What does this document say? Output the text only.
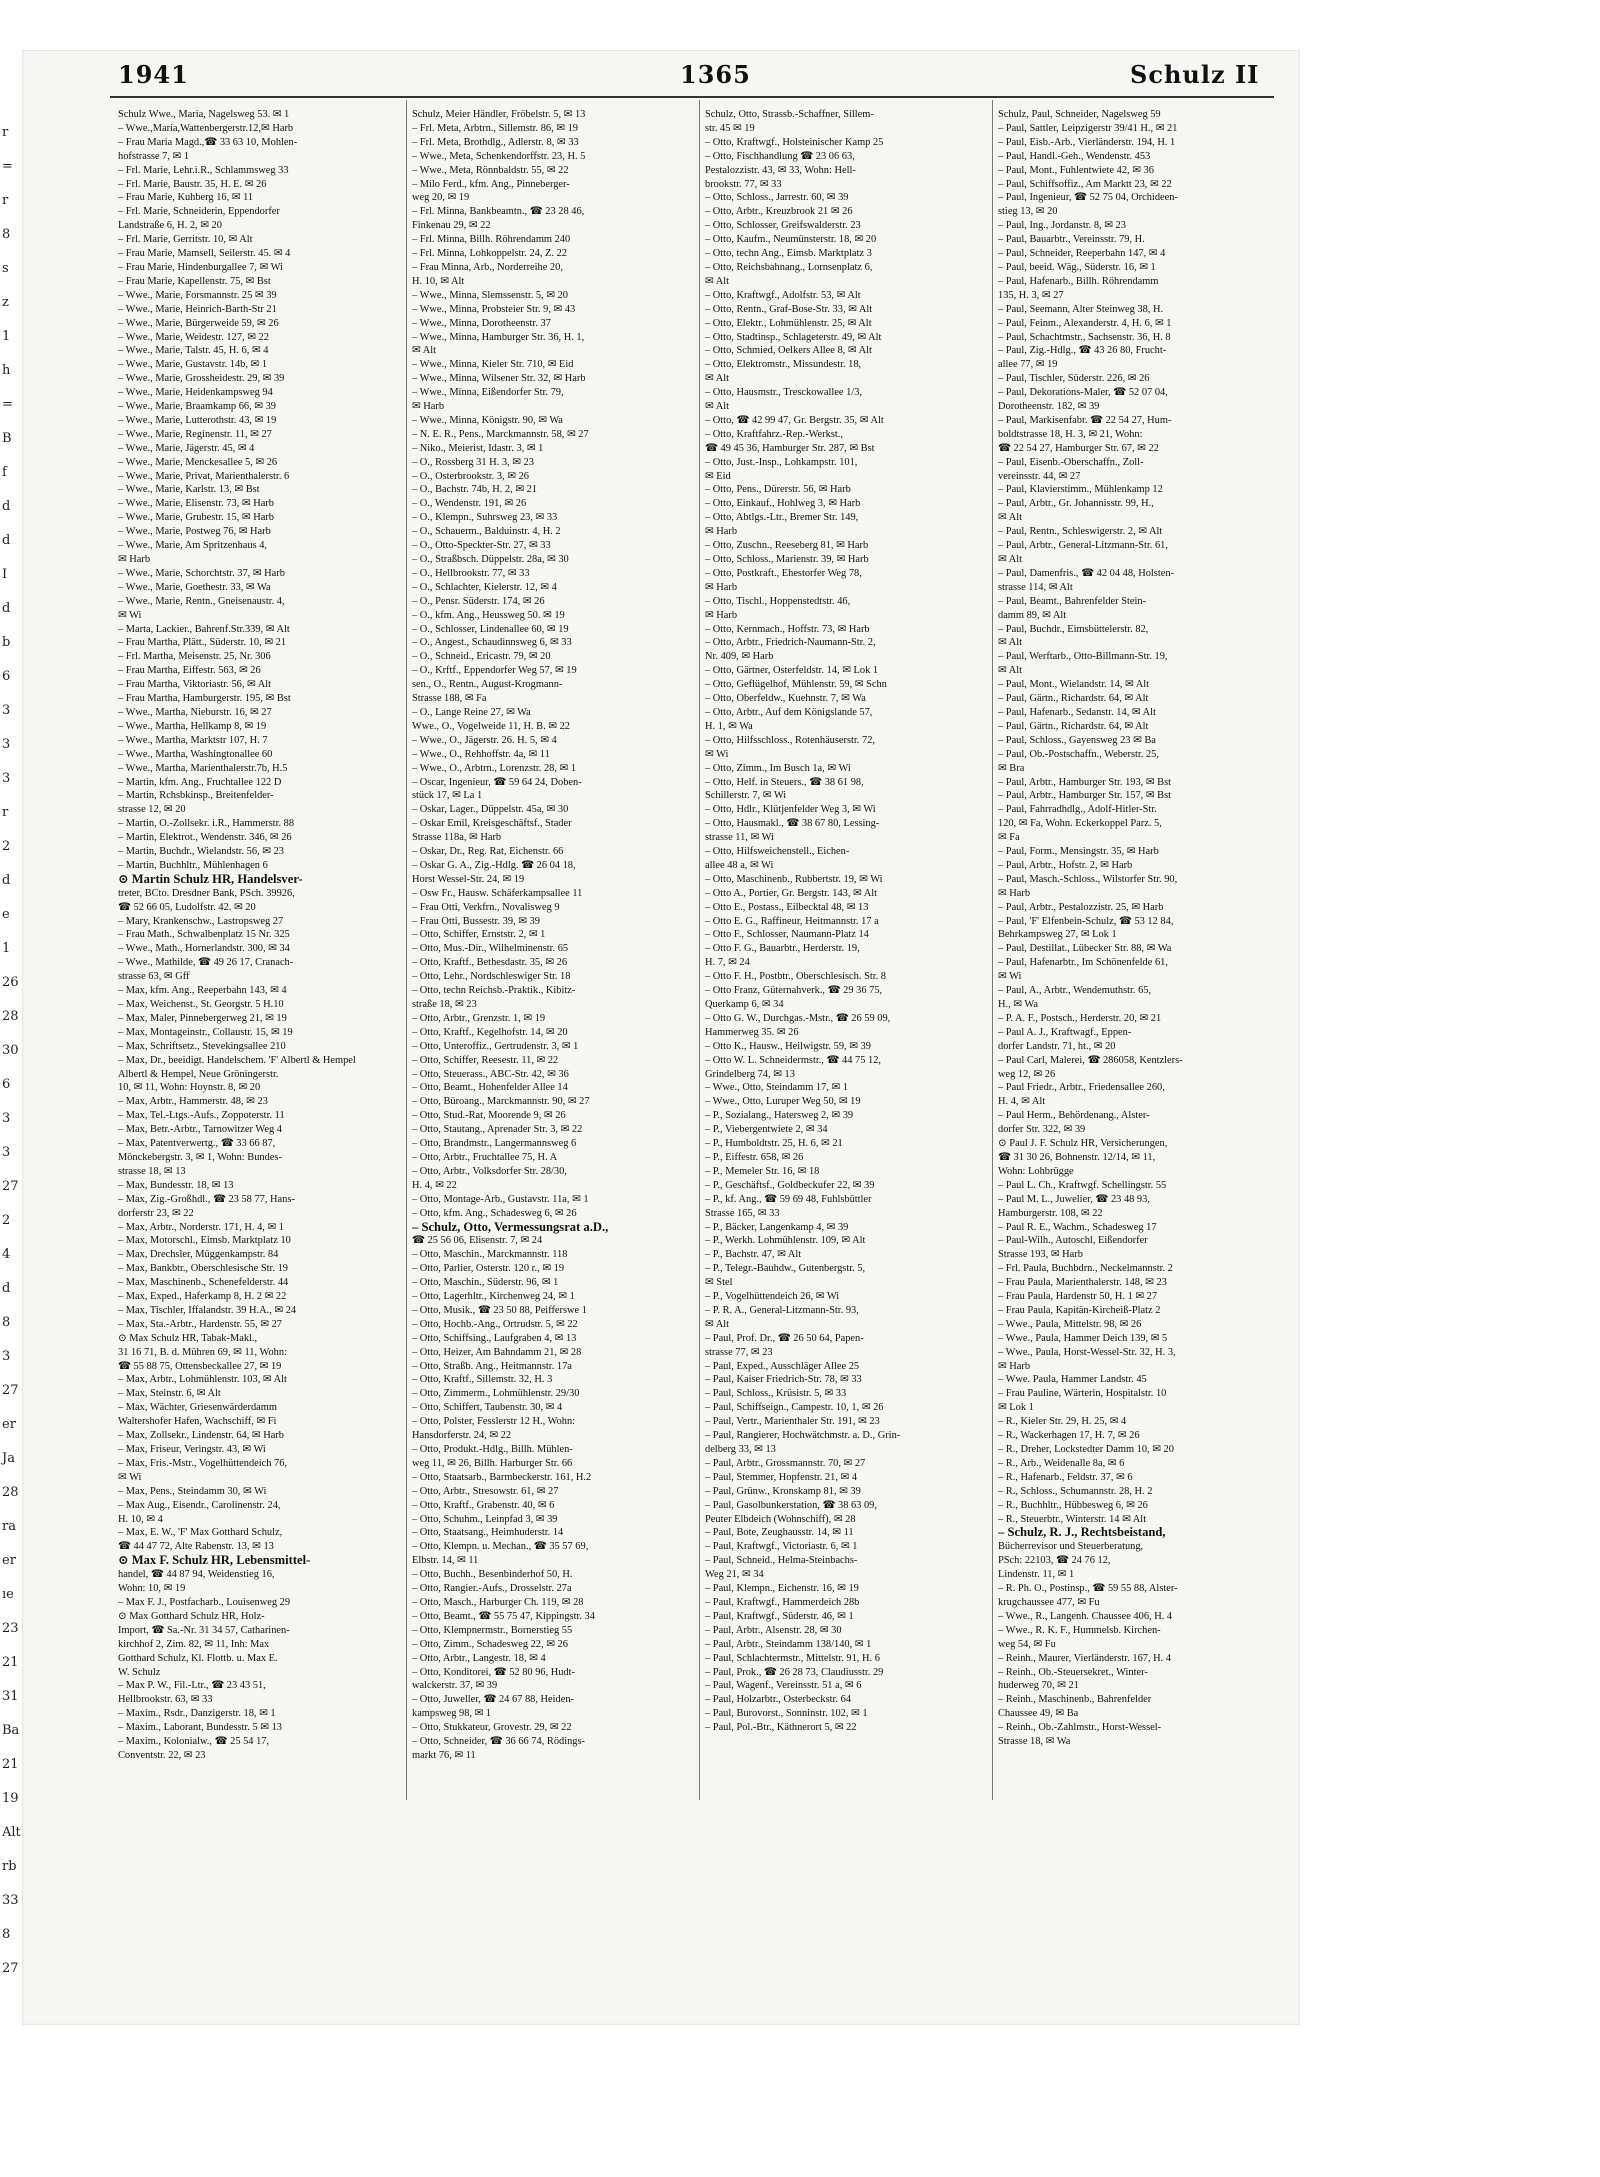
r
=
r
8
s
z
1
h
=
B
f
d
d
I
d
b
6
3
3
3
r
2
d
e
1
26
28
30
6
3
3
27
2
4
d
8
3
27
er
Ja
28
ra
er
ıe
23
21
31
Ba
21
19
Alt
rb
33
8
27
1941	1365	Schulz II
Schulz Wwe., Maria, Nagelsweg 53. ✉ 1
– Wwe.,Maria,Wattenbergerstr.12,✉ Harb
– Frau Maria Magd.,☎ 33 63 10, Mohlen-
hofstrasse 7, ✉ 1
– Frl. Marie, Lehr.i.R., Schlammsweg 33
– Frl. Marie, Baustr. 35, H. E. ✉ 26
– Frau Marie, Kuhberg 16, ✉ 11
– Frl. Marie, Schneiderin, Eppendorfer
Landstraße 6, H. 2, ✉ 20
– Frl. Marie, Gerritstr. 10, ✉ Alt
– Frau Marie, Mamsell, Seilerstr. 45. ✉ 4
– Frau Marie, Hindenburgallee 7, ✉ Wi
– Frau Marie, Kapellenstr. 75, ✉ Bst
– Wwe., Marie, Forsmannstr. 25 ✉ 39
– Wwe., Marie, Heinrich-Barth-Str 21
– Wwe., Marie, Bürgerweide 59, ✉ 26
– Wwe., Marie, Weidestr. 127, ✉ 22
– Wwe., Marie, Talstr. 45, H. 6, ✉ 4
– Wwe., Marie, Gustavstr. 14b, ✉ 1
– Wwe., Marie, Grossheidestr. 29, ✉ 39
– Wwe., Marie, Heidenkampsweg 94
– Wwe., Marie, Braamkamp 66, ✉ 39
– Wwe., Marie, Lutterothstr. 43, ✉ 19
– Wwe., Marie, Reginenstr. 11, ✉ 27
– Wwe., Marie, Jägerstr. 45, ✉ 4
– Wwe., Marie, Menckesallee 5, ✉ 26
– Wwe., Marie, Privat, Marienthalerstr. 6
– Wwe., Marie, Karlstr. 13, ✉ Bst
– Wwe., Marie, Elisenstr. 73, ✉ Harb
– Wwe., Marie, Grubestr. 15, ✉ Harb
– Wwe., Marie, Postweg 76, ✉ Harb
– Wwe., Marie, Am Spritzenhaus 4,
✉ Harb
– Wwe., Marie, Schorchtstr. 37, ✉ Harb
– Wwe., Marie, Goethestr. 33, ✉ Wa
– Wwe., Marie, Rentn., Gneisenaustr. 4,
✉ Wi
– Marta, Lackier., Bahrenf.Str.339, ✉ Alt
– Frau Martha, Plätt., Süderstr. 10, ✉ 21
– Frl. Martha, Meisenstr. 25, Nr. 306
– Frau Martha, Eiffestr. 563, ✉ 26
– Frau Martha, Viktoriastr. 56, ✉ Alt
– Frau Martha, Hamburgerstr. 195, ✉ Bst
– Wwe., Martha, Nieburstr. 16, ✉ 27
– Wwe., Martha, Hellkamp 8, ✉ 19
– Wwe., Martha, Marktstr 107, H. 7
– Wwe., Martha, Washingtonallee 60
– Wwe., Martha, Marienthalerstr.7b, H.5
– Martin, kfm. Ang., Fruchtallee 122 D
– Martin, Rchsbkinsp., Breitenfelder-
strasse 12, ✉ 20
– Martin, O.-Zollsekr. i.R., Hammerstr. 88
– Martin, Elektrot., Wendenstr. 346, ✉ 26
– Martin, Buchdr., Wielandstr. 56, ✉ 23
– Martin, Buchhltr., Mühlenhagen 6
⊙ Martin Schulz HR, Handelsver-
treter, BCto. Dresdner Bank, PSch. 39926,
☎ 52 66 05, Ludolfstr. 42. ✉ 20
– Mary, Krankenschw., Lastropsweg 27
– Frau Math., Schwalbenplatz 15 Nr. 325
– Wwe., Math., Hornerlandstr. 300, ✉ 34
– Wwe., Mathilde, ☎ 49 26 17, Cranach-
strasse 63, ✉ Gff
– Max, kfm. Ang., Reeperbahn 143, ✉ 4
– Max, Weichenst., St. Georgstr. 5 H.10
– Max, Maler, Pinnebergerweg 21, ✉ 19
– Max, Montageinstr., Collaustr. 15, ✉ 19
– Max, Schriftsetz., Stevekingsallee 210
– Max, Dr., beeidigt. Handelschem. 'F' Albertl & Hempel
Albertl & Hempel, Neue Gröningerstr.
10, ✉ 11, Wohn: Hoynstr. 8, ✉ 20
– Max, Arbtr., Hammerstr. 48, ✉ 23
– Max, Tel.-Ltgs.-Aufs., Zoppoterstr. 11
– Max, Betr.-Arbtr., Tarnowitzer Weg 4
– Max, Patentverwertg., ☎ 33 66 87,
Mönckebergstr. 3, ✉ 1, Wohn: Bundes-
strasse 18, ✉ 13
– Max, Bundesstr. 18, ✉ 13
– Max, Zig.-Großhdl., ☎ 23 58 77, Hans-
dorferstr 23, ✉ 22
– Max, Arbtr., Norderstr. 171, H. 4, ✉ 1
– Max, Motorschl., Eimsb. Marktplatz 10
– Max, Drechsler, Müggenkampstr. 84
– Max, Bankbtr., Oberschlesische Str. 19
– Max, Maschinenb., Schenefelderstr. 44
– Max, Exped., Haferkamp 8, H. 2 ✉ 22
– Max, Tischler, Iffalandstr. 39 H.A., ✉ 24
– Max, Sta.-Arbtr., Hardenstr. 55, ✉ 27
⊙ Max Schulz HR, Tabak-Makl.,
31 16 71, B. d. Mühren 69, ✉ 11, Wohn:
☎ 55 88 75, Ottensbeckallee 27, ✉ 19
– Max, Arbtr., Lohmühlenstr. 103, ✉ Alt
– Max, Steinstr. 6, ✉ Alt
– Max, Wächter, Griesenwärderdamm
Waltershofer Hafen, Wachschiff, ✉ Fi
– Max, Zollsekr., Lindenstr. 64, ✉ Harb
– Max, Friseur, Veringstr. 43, ✉ Wi
– Max, Fris.-Mstr., Vogelhüttendeich 76,
✉ Wi
– Max, Pens., Steindamm 30, ✉ Wi
– Max Aug., Eisendr., Carolinenstr. 24,
H. 10, ✉ 4
– Max, E. W., 'F' Max Gotthard Schulz,
☎ 44 47 72, Alte Rabenstr. 13, ✉ 13
⊙ Max F. Schulz HR, Lebensmittel-
handel, ☎ 44 87 94, Weidenstieg 16,
Wohn: 10, ✉ 19
– Max F. J., Postfacharb., Louisenweg 29
⊙ Max Gotthard Schulz HR, Holz-
Import, ☎ Sa.-Nr. 31 34 57, Catharinen-
kirchhof 2, Zim. 82, ✉ 11, Inh: Max
Gotthard Schulz, Kl. Flottb. u. Max E.
W. Schulz
– Max P. W., Fil.-Ltr., ☎ 23 43 51,
Hellbrookstr. 63, ✉ 33
– Maxim., Rsdr., Danzigerstr. 18, ✉ 1
– Maxim., Laborant, Bundesstr. 5 ✉ 13
– Maxim., Kolonialw., ☎ 25 54 17,
Conventstr. 22, ✉ 23
Schulz, Meier Händler, Fröbelstr. 5, ✉ 13
– Frl. Meta, Arbtrn., Sillemstr. 86, ✉ 19
– Frl. Meta, Brothdlg., Adlerstr. 8, ✉ 33
– Wwe., Meta, Schenkendorffstr. 23, H. 5
– Wwe., Meta, Rönnbaldstr. 55, ✉ 22
– Milo Ferd., kfm. Ang., Pinneberger-
weg 20, ✉ 19
– Frl. Minna, Bankbeamtn., ☎ 23 28 46,
Finkenau 29, ✉ 22
– Frl. Minna, Billh. Röhrendamm 240
– Frl. Minna, Lohkoppelstr. 24, Z. 22
– Frau Minna, Arb., Norderreihe 20,
H. 10, ✉ Alt
– Wwe., Minna, Slemssenstr. 5, ✉ 20
– Wwe., Minna, Probsteier Str. 9, ✉ 43
– Wwe., Minna, Dorotheenstr. 37
– Wwe., Minna, Hamburger Str. 36, H. 1,
✉ Alt
– Wwe., Minna, Kieler Str. 710, ✉ Eid
– Wwe., Minna, Wilsener Str. 32, ✉ Harb
– Wwe., Minna, Eißendorfer Str. 79,
✉ Harb
– Wwe., Minna, Königstr. 90, ✉ Wa
– N. E. R., Pens., Marckmannstr. 58, ✉ 27
– Niko., Meierist, Idastr. 3, ✉ 1
– O., Rossberg 31 H. 3, ✉ 23
– O., Osterbrookstr. 3, ✉ 26
– O., Bachstr. 74b, H. 2, ✉ 21
– O., Wendenstr. 191, ✉ 26
– O., Klempn., Suhrsweg 23, ✉ 33
– O., Schauerm., Balduinstr. 4, H. 2
– O., Otto-Speckter-Str. 27, ✉ 33
– O., Straßbsch. Düppelstr. 28a, ✉ 30
– O., Hellbrookstr. 77, ✉ 33
– O., Schlachter, Kielerstr. 12, ✉ 4
– O., Pensr. Süderstr. 174, ✉ 26
– O., kfm. Ang., Heussweg 50. ✉ 19
– O., Schlosser, Lindenallee 60, ✉ 19
– O., Angest., Schaudinnsweg 6, ✉ 33
– O., Schneid., Ericastr. 79, ✉ 20
– O., Krftf., Eppendorfer Weg 57, ✉ 19
sen., O., Rentn., August-Krogmann-
Strasse 188, ✉ Fa
– O., Lange Reine 27, ✉ Wa
Wwe., O., Vogelweide 11, H. B. ✉ 22
– Wwe., O., Jägerstr. 26. H. 5, ✉ 4
– Wwe., O., Rehhoffstr. 4a, ✉ 11
– Wwe., O., Arbtrn., Lorenzstr. 28, ✉ 1
– Oscar, Ingenieur, ☎ 59 64 24, Doben-
stück 17, ✉ La 1
– Oskar, Lager., Düppelstr. 45a, ✉ 30
– Oskar Emil, Kreisgeschäftsf., Stader
Strasse 118a, ✉ Harb
– Oskar, Dr., Reg. Rat, Eichenstr. 66
– Oskar G. A., Zig.-Hdlg. ☎ 26 04 18,
Horst Wessel-Str. 24, ✉ 19
– Osw Fr., Hausw. Schäferkampsallee 11
– Frau Otti, Verkfrn., Novalisweg 9
– Frau Otti, Bussestr. 39, ✉ 39
– Otto, Schiffer, Ernststr. 2, ✉ 1
– Otto, Mus.-Dir., Wilhelminenstr. 65
– Otto, Kraftf., Bethesdastr. 35, ✉ 26
– Otto, Lehr., Nordschleswiger Str. 18
– Otto, techn Reichsb.-Praktik., Kibitz-
straße 18, ✉ 23
– Otto, Arbtr., Grenzstr. 1, ✉ 19
– Otto, Kraftf., Kegelhofstr. 14, ✉ 20
– Otto, Unteroffiz., Gertrudenstr. 3, ✉ 1
– Otto, Schiffer, Reesestr. 11, ✉ 22
– Otto, Steuerass., ABC-Str. 42, ✉ 36
– Otto, Beamt., Hohenfelder Allee 14
– Otto, Büroang., Marckmannstr. 90, ✉ 27
– Otto, Stud.-Rat, Moorende 9, ✉ 26
– Otto, Stautang., Aprenader Str. 3, ✉ 22
– Otto, Brandmstr., Langermannsweg 6
– Otto, Arbtr., Fruchtallee 75, H. A
– Otto, Arbtr., Volksdorfer Str. 28/30,
H. 4, ✉ 22
– Otto, Montage-Arb., Gustavstr. 11a, ✉ 1
– Otto, kfm. Ang., Schadesweg 6, ✉ 26
– Schulz, Otto, Vermessungsrat a.D.,
☎ 25 56 06, Elisenstr. 7, ✉ 24
– Otto, Maschin., Marckmannstr. 118
– Otto, Parlier, Osterstr. 120 r., ✉ 19
– Otto, Maschin., Süderstr. 96, ✉ 1
– Otto, Lagerhltr., Kirchenweg 24, ✉ 1
– Otto, Musik., ☎ 23 50 88, Peifferswe 1
– Otto, Hochb.-Ang., Ortrudstr. 5, ✉ 22
– Otto, Schiffsing., Laufgraben 4, ✉ 13
– Otto, Heizer, Am Bahndamm 21, ✉ 28
– Otto, Straßb. Ang., Heitmannstr. 17a
– Otto, Kraftf., Sillemstr. 32, H. 3
– Otto, Zimmerm., Lohmühlenstr. 29/30
– Otto, Schiffert, Taubenstr. 30, ✉ 4
– Otto, Polster, Fesslerstr 12 H., Wohn:
Hansdorferstr. 24, ✉ 22
– Otto, Produkt.-Hdlg., Billh. Mühlen-
weg 11, ✉ 26, Billh. Harburger Str. 66
– Otto, Staatsarb., Barmbeckerstr. 161, H.2
– Otto, Arbtr., Stresowstr. 61, ✉ 27
– Otto, Kraftf., Grabenstr. 40, ✉ 6
– Otto, Schuhm., Leinpfad 3, ✉ 39
– Otto, Staatsang., Heimhuderstr. 14
– Otto, Klempn. u. Mechan., ☎ 35 57 69,
Elbstr. 14, ✉ 11
– Otto, Buchh., Besenbinderhof 50, H.
– Otto, Rangier.-Aufs., Drosselstr. 27a
– Otto, Masch., Harburger Ch. 119, ✉ 28
– Otto, Beamt., ☎ 55 75 47, Kippingstr. 34
– Otto, Klempnermstr., Bornerstieg 55
– Otto, Zimm., Schadesweg 22, ✉ 26
– Otto, Arbtr., Langestr. 18, ✉ 4
– Otto, Konditorei, ☎ 52 80 96, Hudt-
walckerstr. 37, ✉ 39
– Otto, Juweller, ☎ 24 67 88, Heiden-
kampsweg 98, ✉ 1
– Otto, Stukkateur, Grovestr. 29, ✉ 22
– Otto, Schneider, ☎ 36 66 74, Rödings-
markt 76, ✉ 11
Schulz, Otto, Strassb.-Schaffner, Sillem-
str. 45 ✉ 19
– Otto, Kraftwgf., Holsteinischer Kamp 25
– Otto, Fischhandlung ☎ 23 06 63,
Pestalozzistr. 43, ✉ 33, Wohn: Hell-
brookstr. 77, ✉ 33
– Otto, Schloss., Jarrestr. 60, ✉ 39
– Otto, Arbtr., Kreuzbrook 21 ✉ 26
– Otto, Schlosser, Greifswalderstr. 23
– Otto, Kaufm., Neumünsterstr. 18, ✉ 20
– Otto, techn Ang., Eimsb. Marktplatz 3
– Otto, Reichsbahnang., Lornsenplatz 6,
✉ Alt
– Otto, Kraftwgf., Adolfstr. 53, ✉ Alt
– Otto, Rentn., Graf-Bose-Str. 33, ✉ Alt
– Otto, Elektr., Lohmühlenstr. 25, ✉ Alt
– Otto, Stadtinsp., Schlageterstr. 49, ✉ Alt
– Otto, Schmied, Oelkers Allee 8, ✉ Alt
– Otto, Elektromstr., Missundestr. 18,
✉ Alt
– Otto, Hausmstr., Tresckowallee 1/3,
✉ Alt
– Otto, ☎ 42 99 47, Gr. Bergstr. 35, ✉ Alt
– Otto, Kraftfahrz.-Rep.-Werkst.,
☎ 49 45 36, Hamburger Str. 287, ✉ Bst
– Otto, Just.-Insp., Lohkampstr. 101,
✉ Eid
– Otto, Pens., Dürerstr. 56, ✉ Harb
– Otto, Einkauf., Hohlweg 3, ✉ Harb
– Otto, Abtlgs.-Ltr., Bremer Str. 149,
✉ Harb
– Otto, Zuschn., Reeseberg 81, ✉ Harb
– Otto, Schloss., Marienstr. 39, ✉ Harb
– Otto, Postkraft., Ehestorfer Weg 78,
✉ Harb
– Otto, Tischl., Hoppenstedtstr. 46,
✉ Harb
– Otto, Kernmach., Hoffstr. 73, ✉ Harb
– Otto, Arbtr., Friedrich-Naumann-Str. 2,
Nr. 409, ✉ Harb
– Otto, Gärtner, Osterfeldstr. 14, ✉ Lok 1
– Otto, Geflügelhof, Mühlenstr. 59, ✉ Schn
– Otto, Oberfeldw., Kuehnstr. 7, ✉ Wa
– Otto, Arbtr., Auf dem Königslande 57,
H. 1, ✉ Wa
– Otto, Hilfsschloss., Rotenhäuserstr. 72,
✉ Wi
– Otto, Zimm., Im Busch 1a, ✉ Wi
– Otto, Helf. in Steuers., ☎ 38 61 98,
Schillerstr. 7, ✉ Wi
– Otto, Hdlr., Klütjenfelder Weg 3, ✉ Wi
– Otto, Hausmakl., ☎ 38 67 80, Lessing-
strasse 11, ✉ Wi
– Otto, Hilfsweichenstell., Eichen-
allee 48 a, ✉ Wi
– Otto, Maschinenb., Rubbertstr. 19, ✉ Wi
– Otto A., Portier, Gr. Bergstr. 143, ✉ Alt
– Otto E., Postass., Eilbecktal 48, ✉ 13
– Otto E. G., Raffineur, Heitmannstr. 17 a
– Otto F., Schlosser, Naumann-Platz 14
– Otto F. G., Bauarbtr., Herderstr. 19,
H. 7, ✉ 24
– Otto F. H., Postbtr., Oberschlesisch. Str. 8
– Otto Franz, Güternahverk., ☎ 29 36 75,
Querkamp 6, ✉ 34
– Otto G. W., Durchgas.-Mstr., ☎ 26 59 09,
Hammerweg 35. ✉ 26
– Otto K., Hausw., Heilwigstr. 59, ✉ 39
– Otto W. L. Schneidermstr., ☎ 44 75 12,
Grindelberg 74, ✉ 13
– Wwe., Otto, Steindamm 17, ✉ 1
– Wwe., Otto, Luruper Weg 50, ✉ 19
– P., Sozialang., Hatersweg 2, ✉ 39
– P., Viebergentwiete 2, ✉ 34
– P., Humboldtstr. 25, H. 6, ✉ 21
– P., Eiffestr. 658, ✉ 26
– P., Memeler Str. 16, ✉ 18
– P., Geschäftsf., Goldbeckufer 22, ✉ 39
– P., kf. Ang., ☎ 59 69 48, Fuhlsbüttler
Strasse 165, ✉ 33
– P., Bäcker, Langenkamp 4, ✉ 39
– P., Werkh. Lohmühlenstr. 109, ✉ Alt
– P., Bachstr. 47, ✉ Alt
– P., Telegr.-Bauhdw., Gutenbergstr. 5,
✉ Stel
– P., Vogelhüttendeich 26, ✉ Wi
– P. R. A., General-Litzmann-Str. 93,
✉ Alt
– Paul, Prof. Dr., ☎ 26 50 64, Papen-
strasse 77, ✉ 23
– Paul, Exped., Ausschläger Allee 25
– Paul, Kaiser Friedrich-Str. 78, ✉ 33
– Paul, Schloss., Krüsistr. 5, ✉ 33
– Paul, Schiffseign., Campestr. 10, 1, ✉ 26
– Paul, Vertr., Marienthaler Str. 191, ✉ 23
– Paul, Rangierer, Hochwätchmstr. a. D., Grin-
delberg 33, ✉ 13
– Paul, Arbtr., Grossmannstr. 70, ✉ 27
– Paul, Stemmer, Hopfenstr. 21, ✉ 4
– Paul, Grünw., Kronskamp 81, ✉ 39
– Paul, Gasolbunkerstation, ☎ 38 63 09,
Peuter Elbdeich (Wohnschiff), ✉ 28
– Paul, Bote, Zeughausstr. 14, ✉ 11
– Paul, Kraftwgf., Victoriastr. 6, ✉ 1
– Paul, Schneid., Helma-Steinbachs-
Weg 21, ✉ 34
– Paul, Klempn., Eichenstr. 16, ✉ 19
– Paul, Kraftwgf., Hammerdeich 28b
– Paul, Kraftwgf., Süderstr. 46, ✉ 1
– Paul, Arbtr., Alsenstr. 28, ✉ 30
– Paul, Arbtr., Steindamm 138/140, ✉ 1
– Paul, Schlachtermstr., Mittelstr. 91, H. 6
– Paul, Prok., ☎ 26 28 73, Claudiusstr. 29
– Paul, Wagenf., Vereinsstr. 51 a, ✉ 6
– Paul, Holzarbtr., Osterbeckstr. 64
– Paul, Burovorst., Sonninstr. 102, ✉ 1
– Paul, Pol.-Btr., Käthnerort 5, ✉ 22
Schulz, Paul, Schneider, Nagelsweg 59
– Paul, Sattler, Leipzigerstr 39/41 H., ✉ 21
– Paul, Eisb.-Arb., Vierländerstr. 194, H. 1
– Paul, Handl.-Geh., Wendenstr. 453
– Paul, Mont., Fuhlentwiete 42, ✉ 36
– Paul, Schiffsoffiz., Am Marktt 23, ✉ 22
– Paul, Ingenieur, ☎ 52 75 04, Orchideen-
stieg 13, ✉ 20
– Paul, Ing., Jordanstr. 8, ✉ 23
– Paul, Bauarbtr., Vereinsstr. 79, H.
– Paul, Schneider, Reeperbahn 147, ✉ 4
– Paul, beeid. Wäg., Süderstr. 16, ✉ 1
– Paul, Hafenarb., Billh. Röhrendamm
135, H. 3, ✉ 27
– Paul, Seemann, Alter Steinweg 38, H.
– Paul, Feinm., Alexanderstr. 4, H. 6, ✉ 1
– Paul, Schachtmstr., Sachsenstr. 36, H. 8
– Paul, Zig.-Hdlg., ☎ 43 26 80, Frucht-
allee 77, ✉ 19
– Paul, Tischler, Süderstr. 226, ✉ 26
– Paul, Dekorations-Maler, ☎ 52 07 04,
Dorotheenstr. 182, ✉ 39
– Paul, Markisenfabr. ☎ 22 54 27, Hum-
boldtstrasse 18, H. 3, ✉ 21, Wohn:
☎ 22 54 27, Hamburger Str. 67, ✉ 22
– Paul, Eisenb.-Oberschaffn., Zoll-
vereinsstr. 44, ✉ 27
– Paul, Klavierstimm., Mühlenkamp 12
– Paul, Arbtr., Gr. Johannisstr. 99, H.,
✉ Alt
– Paul, Rentn., Schleswigerstr. 2, ✉ Alt
– Paul, Arbtr., General-Litzmann-Str. 61,
✉ Alt
– Paul, Damenfris., ☎ 42 04 48, Holsten-
strasse 114, ✉ Alt
– Paul, Beamt., Bahrenfelder Stein-
damm 89, ✉ Alt
– Paul, Buchdr., Eimsbüttelerstr. 82,
✉ Alt
– Paul, Werftarb., Otto-Billmann-Str. 19,
✉ Alt
– Paul, Mont., Wielandstr. 14, ✉ Alt
– Paul, Gärtn., Richardstr. 64, ✉ Alt
– Paul, Hafenarb., Sedanstr. 14, ✉ Alt
– Paul, Gärtn., Richardstr. 64, ✉ Alt
– Paul, Schloss., Gayensweg 23 ✉ Ba
– Paul, Ob.-Postschaffn., Weberstr. 25,
✉ Bra
– Paul, Arbtr., Hamburger Str. 193, ✉ Bst
– Paul, Arbtr., Hamburger Str. 157, ✉ Bst
– Paul, Fahrradhdlg., Adolf-Hitler-Str.
120, ✉ Fa, Wohn. Eckerkoppel Parz. 5,
✉ Fa
– Paul, Form., Mensingstr. 35, ✉ Harb
– Paul, Arbtr., Hofstr. 2, ✉ Harb
– Paul, Masch.-Schloss., Wilstorfer Str. 90,
✉ Harb
– Paul, Arbtr., Pestalozzistr. 25, ✉ Harb
– Paul, 'F' Elfenbein-Schulz, ☎ 53 12 84,
Behrkampsweg 27, ✉ Lok 1
– Paul, Destillat., Lübecker Str. 88, ✉ Wa
– Paul, Hafenarbtr., Im Schönenfelde 61,
✉ Wi
– Paul, A., Arbtr., Wendemuthstr. 65,
H., ✉ Wa
– P. A. F., Postsch., Herderstr. 20, ✉ 21
– Paul A. J., Kraftwagf., Eppen-
dorfer Landstr. 71, ht., ✉ 20
– Paul Carl, Malerei, ☎ 286058, Kentzlers-
weg 12, ✉ 26
– Paul Friedr., Arbtr., Friedensallee 260,
H. 4, ✉ Alt
– Paul Herm., Behördenang., Alster-
dorfer Str. 322, ✉ 39
⊙ Paul J. F. Schulz HR, Versicherungen,
☎ 31 30 26, Bohnenstr. 12/14, ✉ 11,
Wohn: Lohbrügge
– Paul L. Ch., Kraftwgf. Schellingstr. 55
– Paul M. L., Juwelier, ☎ 23 48 93,
Hamburgerstr. 108, ✉ 22
– Paul R. E., Wachm., Schadesweg 17
– Paul-Wilh., Autoschl, Eißendorfer
Strasse 193, ✉ Harb
– Frl. Paula, Buchbdrn., Neckelmannstr. 2
– Frau Paula, Marienthalerstr. 148, ✉ 23
– Frau Paula, Hardenstr 50, H. 1 ✉ 27
– Frau Paula, Kapitän-Kircheiß-Platz 2
– Wwe., Paula, Mittelstr. 98, ✉ 26
– Wwe., Paula, Hammer Deich 139, ✉ 5
– Wwe., Paula, Horst-Wessel-Str. 32, H. 3,
✉ Harb
– Wwe. Paula, Hammer Landstr. 45
– Frau Pauline, Wärterin, Hospitalstr. 10
✉ Lok 1
– R., Kieler Str. 29, H. 25, ✉ 4
– R., Wackerhagen 17, H. 7, ✉ 26
– R., Dreher, Lockstedter Damm 10, ✉ 20
– R., Arb., Weidenalle 8a, ✉ 6
– R., Hafenarb., Feldstr. 37, ✉ 6
– R., Schloss., Schumannstr. 28, H. 2
– R., Buchhltr., Hübbesweg 6, ✉ 26
– R., Steuerbtr., Winterstr. 14 ✉ Alt
– Schulz, R. J., Rechtsbeistand,
Bücherrevisor und Steuerberatung,
PSch: 22103, ☎ 24 76 12,
Lindenstr. 11, ✉ 1
– R. Ph. O., Postinsp., ☎ 59 55 88, Alster-
krugchaussee 477, ✉ Fu
– Wwe., R., Langenh. Chaussee 406, H. 4
– Wwe., R. K. F., Hummelsb. Kirchen-
weg 54, ✉ Fu
– Reinh., Maurer, Vierländerstr. 167, H. 4
– Reinh., Ob.-Steuersekret., Winter-
huderweg 70, ✉ 21
– Reinh., Maschinenb., Bahrenfelder
Chaussee 49, ✉ Ba
– Reinh., Ob.-Zahlmstr., Horst-Wessel-
Strasse 18, ✉ Wa
